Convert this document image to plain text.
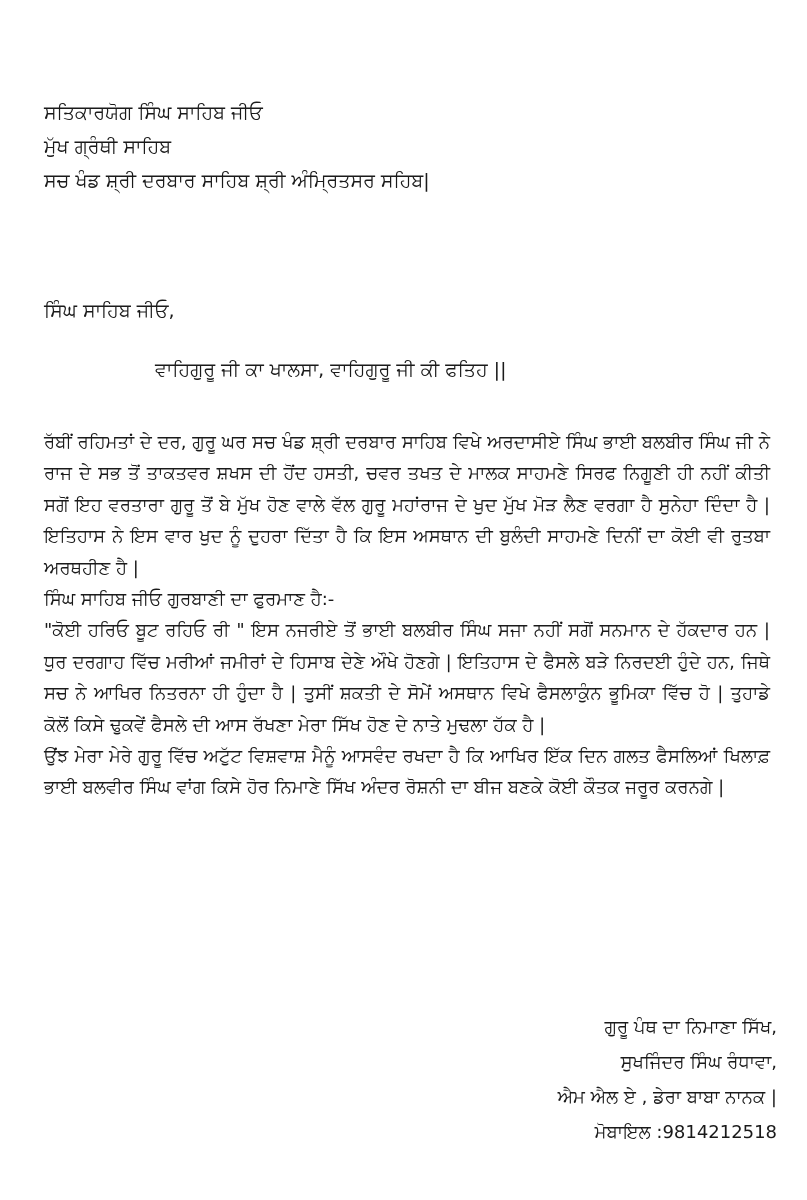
ਸਤਿਕਾਰਯੋਗ ਸਿੰਘ ਸਾਹਿਬ ਜੀਓ
ਮੁੱਖ ਗ੍ਰੰਥੀ ਸਾਹਿਬ
ਸਚ ਖੰਡ ਸ਼੍ਰੀ ਦਰਬਾਰ ਸਾਹਿਬ ਸ਼੍ਰੀ ਅੰਮ੍ਰਿਤਸਰ ਸਹਿਬ|
ਸਿੰਘ ਸਾਹਿਬ ਜੀਓ,
ਵਾਹਿਗੁਰੂ ਜੀ ਕਾ ਖਾਲਸਾ, ਵਾਹਿਗੁਰੂ ਜੀ ਕੀ ਫਤਿਹ ||

ਰੱਬੀਂ ਰਹਿਮਤਾਂ ਦੇ ਦਰ, ਗੁਰੂ ਘਰ ਸਚ ਖੰਡ ਸ਼੍ਰੀ ਦਰਬਾਰ ਸਾਹਿਬ ਵਿਖੇ ਅਰਦਾਸੀਏ ਸਿੰਘ ਭਾਈ ਬਲਬੀਰ ਸਿੰਘ ਜੀ ਨੇ ਰਾਜ ਦੇ ਸਭ ਤੋਂ ਤਾਕਤਵਰ ਸ਼ਖਸ ਦੀ ਹੋਂਦ ਹਸਤੀ, ਚਵਰ ਤਖਤ ਦੇ ਮਾਲਕ ਸਾਹਮਣੇ ਸਿਰਫ ਨਿਗੂਣੀ ਹੀ ਨਹੀਂ ਕੀਤੀ ਸਗੋਂ ਇਹ ਵਰਤਾਰਾ ਗੁਰੂ ਤੋਂ ਬੇ ਮੁੱਖ ਹੋਣ ਵਾਲੇ ਵੱਲ ਗੁਰੂ ਮਹਾਂਰਾਜ ਦੇ ਖੁਦ ਮੁੱਖ ਮੋੜ ਲੈਣ ਵਰਗਾ ਹੈ ਸੁਨੇਹਾ ਦਿੰਦਾ ਹੈ | ਇਤਿਹਾਸ ਨੇ ਇਸ ਵਾਰ ਖੁਦ ਨੂੰ ਦੁਹਰਾ ਦਿੱਤਾ ਹੈ ਕਿ ਇਸ ਅਸਥਾਨ ਦੀ ਬੁਲੰਦੀ ਸਾਹਮਣੇ ਦਿਨੀਂ ਦਾ ਕੋਈ ਵੀ ਰੁਤਬਾ ਅਰਥਹੀਣ ਹੈ |

ਸਿੰਘ ਸਾਹਿਬ ਜੀਓ ਗੁਰਬਾਣੀ ਦਾ ਫੁਰਮਾਣ ਹੈ:-

"ਕੋਈ ਹਰਿਓ ਬੂਟ ਰਹਿਓ ਰੀ " ਇਸ ਨਜਰੀਏ ਤੋਂ ਭਾਈ ਬਲਬੀਰ ਸਿੰਘ ਸਜਾ ਨਹੀਂ ਸਗੋਂ ਸਨਮਾਨ ਦੇ ਹੱਕਦਾਰ ਹਨ | ਧੁਰ ਦਰਗਾਹ ਵਿੱਚ ਮਰੀਆਂ ਜਮੀਰਾਂ ਦੇ ਹਿਸਾਬ ਦੇਣੇ ਔਖੇ ਹੋਣਗੇ | ਇਤਿਹਾਸ ਦੇ ਫੈਸਲੇ ਬੜੇ ਨਿਰਦਈ ਹੁੰਦੇ ਹਨ, ਜਿਥੇ ਸਚ ਨੇ ਆਖਿਰ ਨਿਤਰਨਾ ਹੀ ਹੁੰਦਾ ਹੈ | ਤੁਸੀਂ ਸ਼ਕਤੀ ਦੇ ਸੋਮੇਂ ਅਸਥਾਨ ਵਿਖੇ ਫੈਸਲਾਕੁੰਨ ਭੂਮਿਕਾ ਵਿੱਚ ਹੋ | ਤੁਹਾਡੇ ਕੋਲੋਂ ਕਿਸੇ ਢੁਕਵੇਂ ਫੈਸਲੇ ਦੀ ਆਸ ਰੱਖਣਾ ਮੇਰਾ ਸਿੱਖ ਹੋਣ ਦੇ ਨਾਤੇ ਮੁਢਲਾ ਹੱਕ ਹੈ |

ਉਂਝ ਮੇਰਾ ਮੇਰੇ ਗੁਰੂ ਵਿੱਚ ਅਟੁੱਟ ਵਿਸ਼ਵਾਸ਼ ਮੈਨੂੰ ਆਸਵੰਦ ਰਖਦਾ ਹੈ ਕਿ ਆਖਿਰ ਇੱਕ ਦਿਨ ਗਲਤ ਫੈਸਲਿਆਂ ਖਿਲਾਫ਼ ਭਾਈ ਬਲਵੀਰ ਸਿੰਘ ਵਾਂਗ ਕਿਸੇ ਹੋਰ ਨਿਮਾਣੇ ਸਿੱਖ ਅੰਦਰ ਰੋਸ਼ਨੀ ਦਾ ਬੀਜ ਬਣਕੇ ਕੋਈ ਕੌਤਕ ਜਰੂਰ ਕਰਨਗੇ |

ਗੁਰੂ ਪੰਥ ਦਾ ਨਿਮਾਣਾ ਸਿੱਖ,
ਸੁਖਜਿੰਦਰ ਸਿੰਘ ਰੰਧਾਵਾ,
ਐਮ ਐਲ ਏ , ਡੇਰਾ ਬਾਬਾ ਨਾਨਕ |
ਮੋਬਾਇਲ :9814212518
